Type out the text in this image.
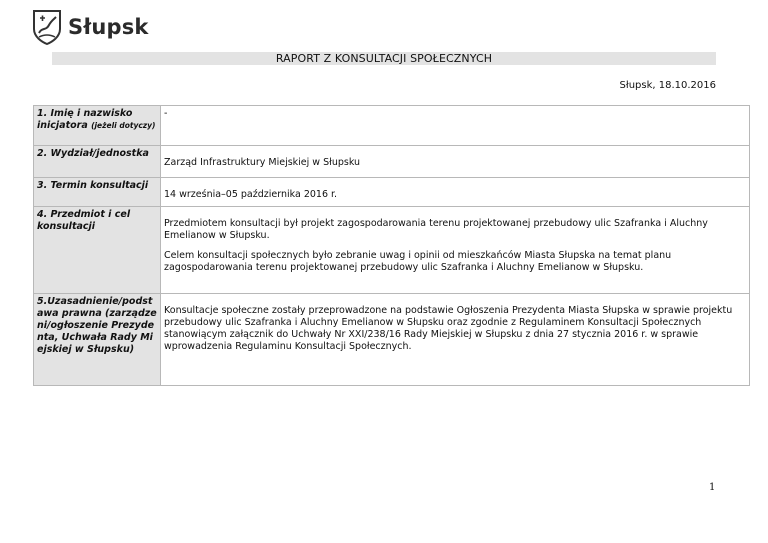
Słupsk
RAPORT Z KONSULTACJI SPOŁECZNYCH
Słupsk, 18.10.2016
1. Imię i nazwisko inicjatora (jeżeli dotyczy)	-
2. Wydział/jednostka	Zarząd Infrastruktury Miejskiej w Słupsku
3. Termin konsultacji	14 września–05 października 2016 r.
4. Przedmiot i cel konsultacji	Przedmiotem konsultacji był projekt zagospodarowania terenu projektowanej przebudowy ulic Szafranka i Aluchny Emelianow w Słupsku.

Celem konsultacji społecznych było zebranie uwag i opinii od mieszkańców Miasta Słupska na temat planu zagospodarowania terenu projektowanej przebudowy ulic Szafranka i Aluchny Emelianow w Słupsku.

5.Uzasadnienie/podstawa prawna (zarządzeni/ogłoszenie Prezydenta, Uchwała Rady Miejskiej w Słupsku)	Konsultacje społeczne zostały przeprowadzone na podstawie Ogłoszenia Prezydenta Miasta Słupska w sprawie projektu przebudowy ulic Szafranka i Aluchny Emelianow w Słupsku oraz zgodnie z Regulaminem Konsultacji Społecznych stanowiącym załącznik do Uchwały Nr XXI/238/16 Rady Miejskiej w Słupsku z dnia 27 stycznia 2016 r. w sprawie wprowadzenia Regulaminu Konsultacji Społecznych.
1
